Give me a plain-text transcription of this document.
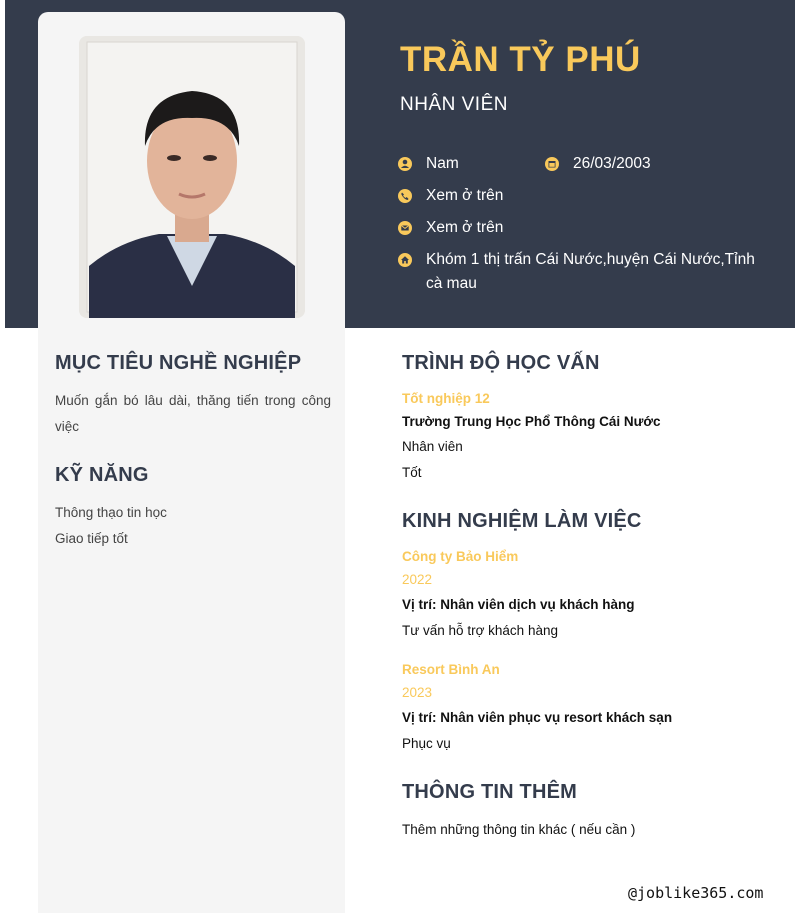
TRẦN TỶ PHÚ
NHÂN VIÊN
Nam	26/03/2003
Xem ở trên
Xem ở trên
Khóm 1 thị trấn Cái Nước,huyện Cái Nước,Tỉnh
cà mau
MỤC TIÊU NGHỀ NGHIỆP
Muốn gắn bó lâu dài, thăng tiến trong công
việc
KỸ NĂNG
Thông thạo tin học
Giao tiếp tốt
TRÌNH ĐỘ HỌC VẤN
Tốt nghiệp 12
Trường Trung Học Phổ Thông Cái Nước
Nhân viên
Tốt
KINH NGHIỆM LÀM VIỆC
Công ty Bảo Hiểm
2022
Vị trí: Nhân viên dịch vụ khách hàng
Tư vấn hỗ trợ khách hàng
Resort Bình An
2023
Vị trí: Nhân viên phục vụ resort khách sạn
Phục vụ
THÔNG TIN THÊM
Thêm những thông tin khác ( nếu cần )
@joblike365.com
